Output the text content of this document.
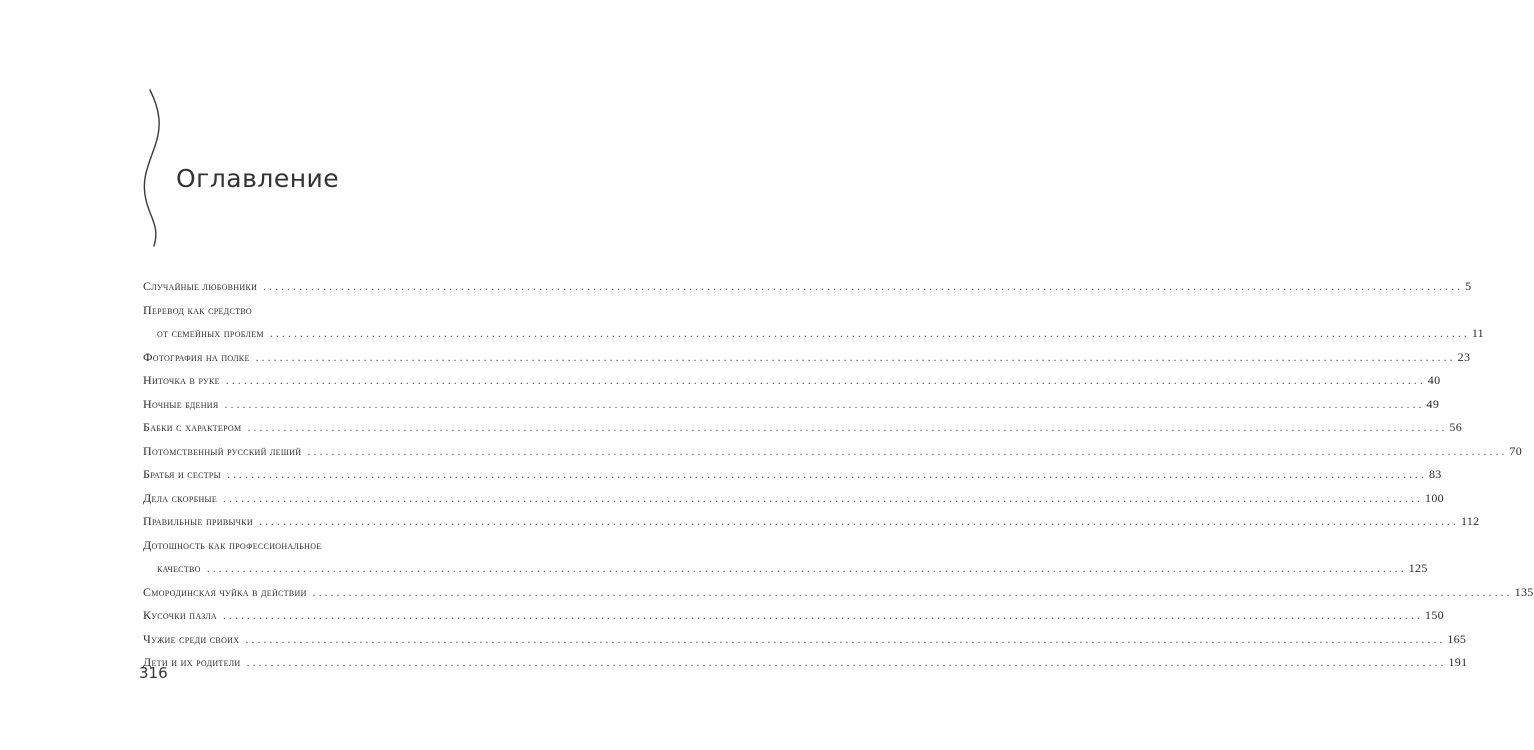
Оглавление
Случайные любовники ........................................................................................................................................................................................................ 5
Перевод как средство
от семейных проблем ........................................................................................................................................................................................................ 11
Фотография на полке ........................................................................................................................................................................................................ 23
Ниточка в руке ........................................................................................................................................................................................................ 40
Ночные бдения ........................................................................................................................................................................................................ 49
Бабки с характером ........................................................................................................................................................................................................ 56
Потомственный русский леший ........................................................................................................................................................................................................ 70
Братья и сестры ........................................................................................................................................................................................................ 83
Дела скорбные ........................................................................................................................................................................................................ 100
Правильные привычки ........................................................................................................................................................................................................ 112
Дотошность как профессиональное
качество ........................................................................................................................................................................................................ 125
Смородинская чуйка в действии ........................................................................................................................................................................................................ 135
Кусочки пазла ........................................................................................................................................................................................................ 150
Чужие среди своих ........................................................................................................................................................................................................ 165
Дети и их родители ........................................................................................................................................................................................................ 191
316
